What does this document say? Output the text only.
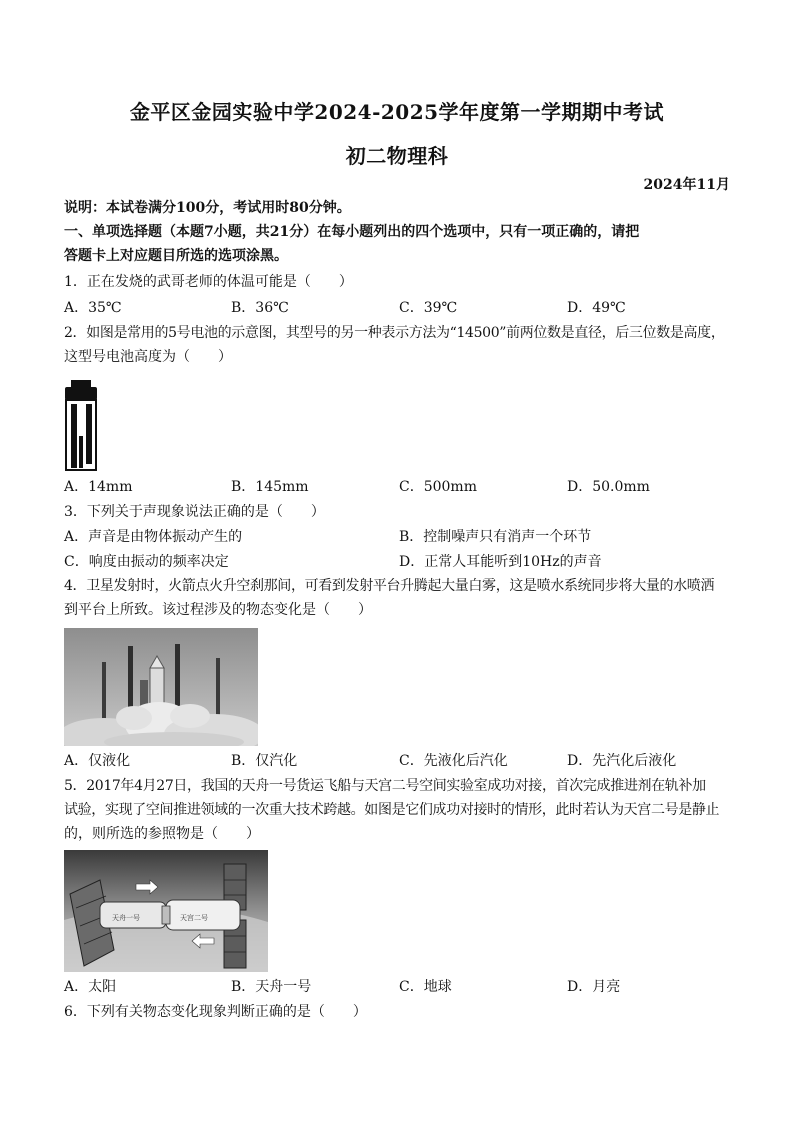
金平区金园实验中学2024-2025学年度第一学期期中考试
初二物理科
2024年11月
说明：本试卷满分100分，考试用时80分钟。
一、单项选择题（本题7小题，共21分）在每小题列出的四个选项中，只有一项正确的，请把
答题卡上对应题目所选的选项涂黑。
1．正在发烧的武哥老师的体温可能是（　　）
A．35℃	B．36℃	C．39℃	D．49℃
2．如图是常用的5号电池的示意图，其型号的另一种表示方法为“14500”前两位数是直径，后三位数是高度，
这型号电池高度为（　　）
A．14mm	B．145mm	C．500mm	D．50.0mm
3．下列关于声现象说法正确的是（　　）
A．声音是由物体振动产生的	B．控制噪声只有消声一个环节
C．响度由振动的频率决定	D．正常人耳能听到10Hz的声音
4．卫星发射时，火箭点火升空刹那间，可看到发射平台升腾起大量白雾，这是喷水系统同步将大量的水喷洒
到平台上所致。该过程涉及的物态变化是（　　）
A．仅液化	B．仅汽化	C．先液化后汽化	D．先汽化后液化
5．2017年4月27日，我国的天舟一号货运飞船与天宫二号空间实验室成功对接，首次完成推进剂在轨补加
试验，实现了空间推进领域的一次重大技术跨越。如图是它们成功对接时的情形，此时若认为天宫二号是静止
的，则所选的参照物是（　　）
天舟一号	天宫二号
A．太阳	B．天舟一号	C．地球	D．月亮
6．下列有关物态变化现象判断正确的是（　　）
